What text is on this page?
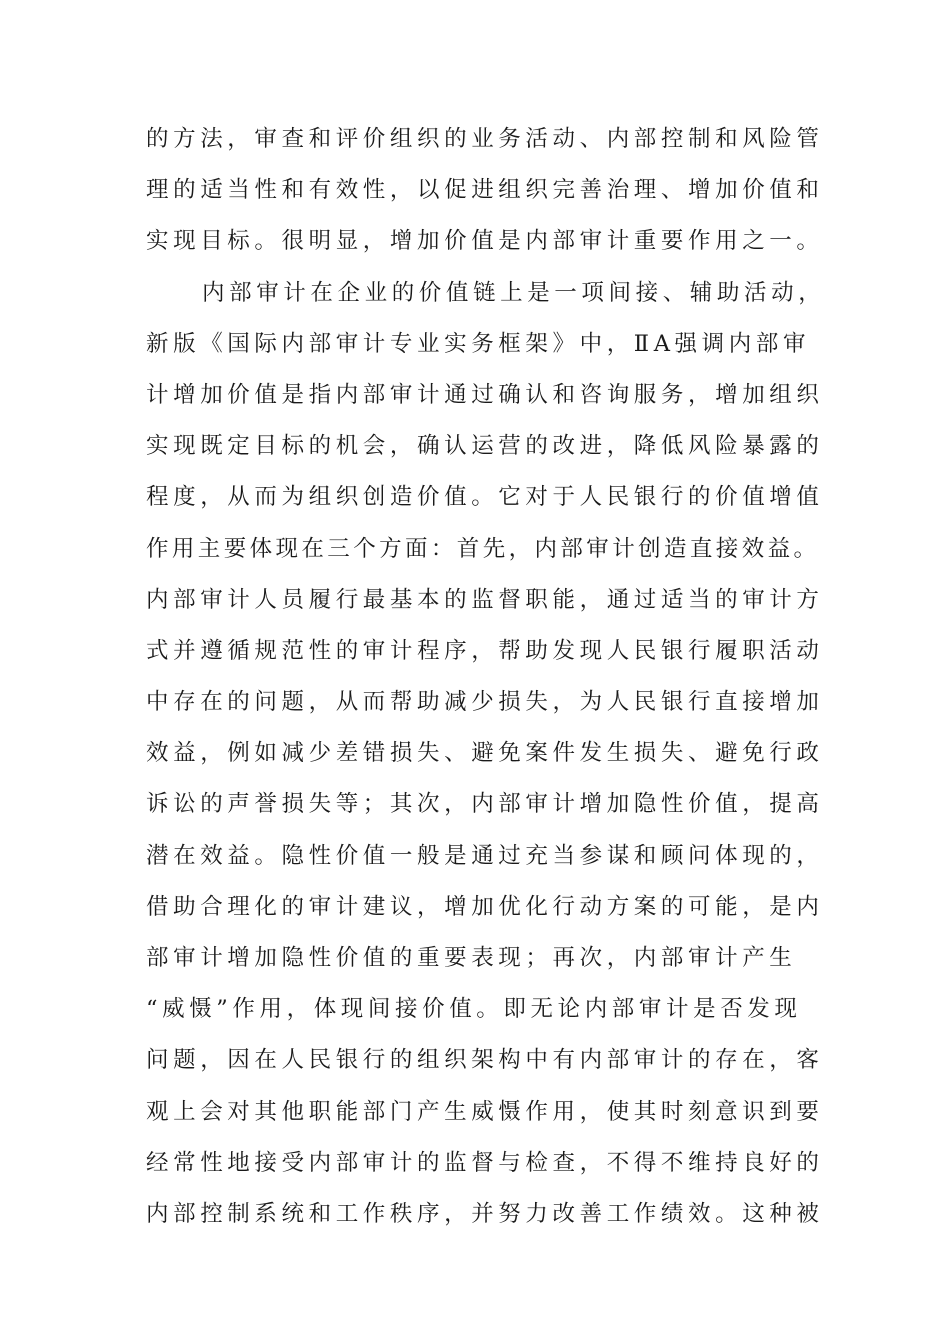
的方法，审查和评价组织的业务活动、内部控制和风险管
理的适当性和有效性，以促进组织完善治理、增加价值和
实现目标。很明显，增加价值是内部审计重要作用之一。
内部审计在企业的价值链上是一项间接、辅助活动，
新版《国际内部审计专业实务框架》中，ⅡA强调内部审
计增加价值是指内部审计通过确认和咨询服务，增加组织
实现既定目标的机会，确认运营的改进，降低风险暴露的
程度，从而为组织创造价值。它对于人民银行的价值增值
作用主要体现在三个方面：首先，内部审计创造直接效益。
内部审计人员履行最基本的监督职能，通过适当的审计方
式并遵循规范性的审计程序，帮助发现人民银行履职活动
中存在的问题，从而帮助减少损失，为人民银行直接增加
效益，例如减少差错损失、避免案件发生损失、避免行政
诉讼的声誉损失等；其次，内部审计增加隐性价值，提高
潜在效益。隐性价值一般是通过充当参谋和顾问体现的，
借助合理化的审计建议，增加优化行动方案的可能，是内
部审计增加隐性价值的重要表现；再次，内部审计产生
“威慑”作用，体现间接价值。即无论内部审计是否发现
问题，因在人民银行的组织架构中有内部审计的存在，客
观上会对其他职能部门产生威慑作用，使其时刻意识到要
经常性地接受内部审计的监督与检查，不得不维持良好的
内部控制系统和工作秩序，并努力改善工作绩效。这种被
